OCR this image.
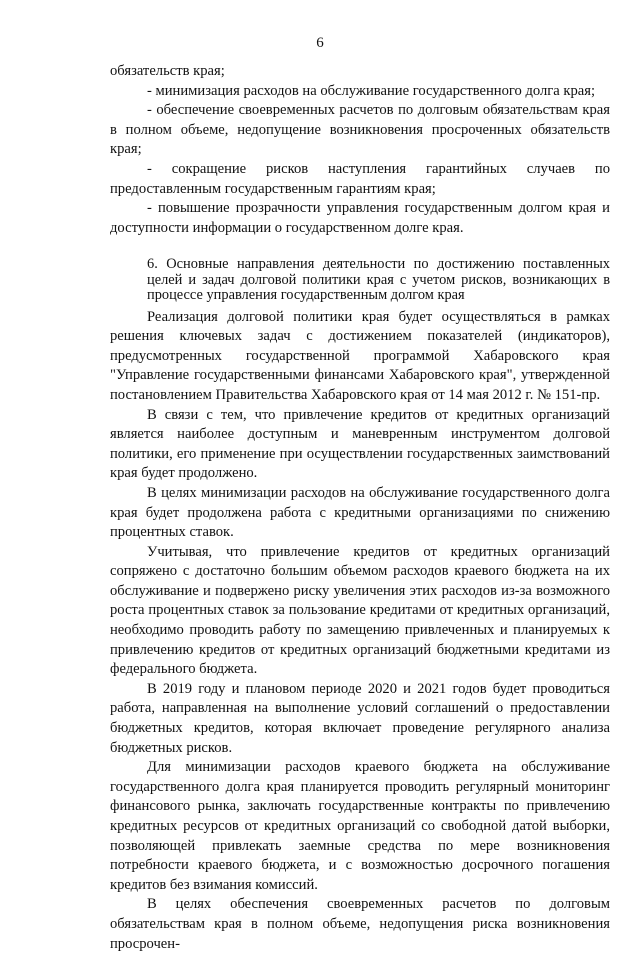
6

обязательств края;

- минимизация расходов на обслуживание государственного долга края;

- обеспечение своевременных расчетов по долговым обязательствам края в полном объеме, недопущение возникновения просроченных обязательств края;

- сокращение рисков наступления гарантийных случаев по предоставленным государственным гарантиям края;

- повышение прозрачности управления государственным долгом края и доступности информации о государственном долге края.

6. Основные направления деятельности по достижению поставленных целей и задач долговой политики края с учетом рисков, возникающих в процессе управления государственным долгом края

Реализация долговой политики края будет осуществляться в рамках решения ключевых задач с достижением показателей (индикаторов), предусмотренных государственной программой Хабаровского края "Управление государственными финансами Хабаровского края", утвержденной постановлением Правительства Хабаровского края от 14 мая 2012 г. № 151-пр.

В связи с тем, что привлечение кредитов от кредитных организаций является наиболее доступным и маневренным инструментом долговой политики, его применение при осуществлении государственных заимствований края будет продолжено.

В целях минимизации расходов на обслуживание государственного долга края будет продолжена работа с кредитными организациями по снижению процентных ставок.

Учитывая, что привлечение кредитов от кредитных организаций сопряжено с достаточно большим объемом расходов краевого бюджета на их обслуживание и подвержено риску увеличения этих расходов из-за возможного роста процентных ставок за пользование кредитами от кредитных организаций, необходимо проводить работу по замещению привлеченных и планируемых к привлечению кредитов от кредитных организаций бюджетными кредитами из федерального бюджета.

В 2019 году и плановом периоде 2020 и 2021 годов будет проводиться работа, направленная на выполнение условий соглашений о предоставлении бюджетных кредитов, которая включает проведение регулярного анализа бюджетных рисков.

Для минимизации расходов краевого бюджета на обслуживание государственного долга края планируется проводить регулярный мониторинг финансового рынка, заключать государственные контракты по привлечению кредитных ресурсов от кредитных организаций со свободной датой выборки, позволяющей привлекать заемные средства по мере возникновения потребности краевого бюджета, и с возможностью досрочного погашения кредитов без взимания комиссий.

В целях обеспечения своевременных расчетов по долговым обязательствам края в полном объеме, недопущения риска возникновения просрочен-
